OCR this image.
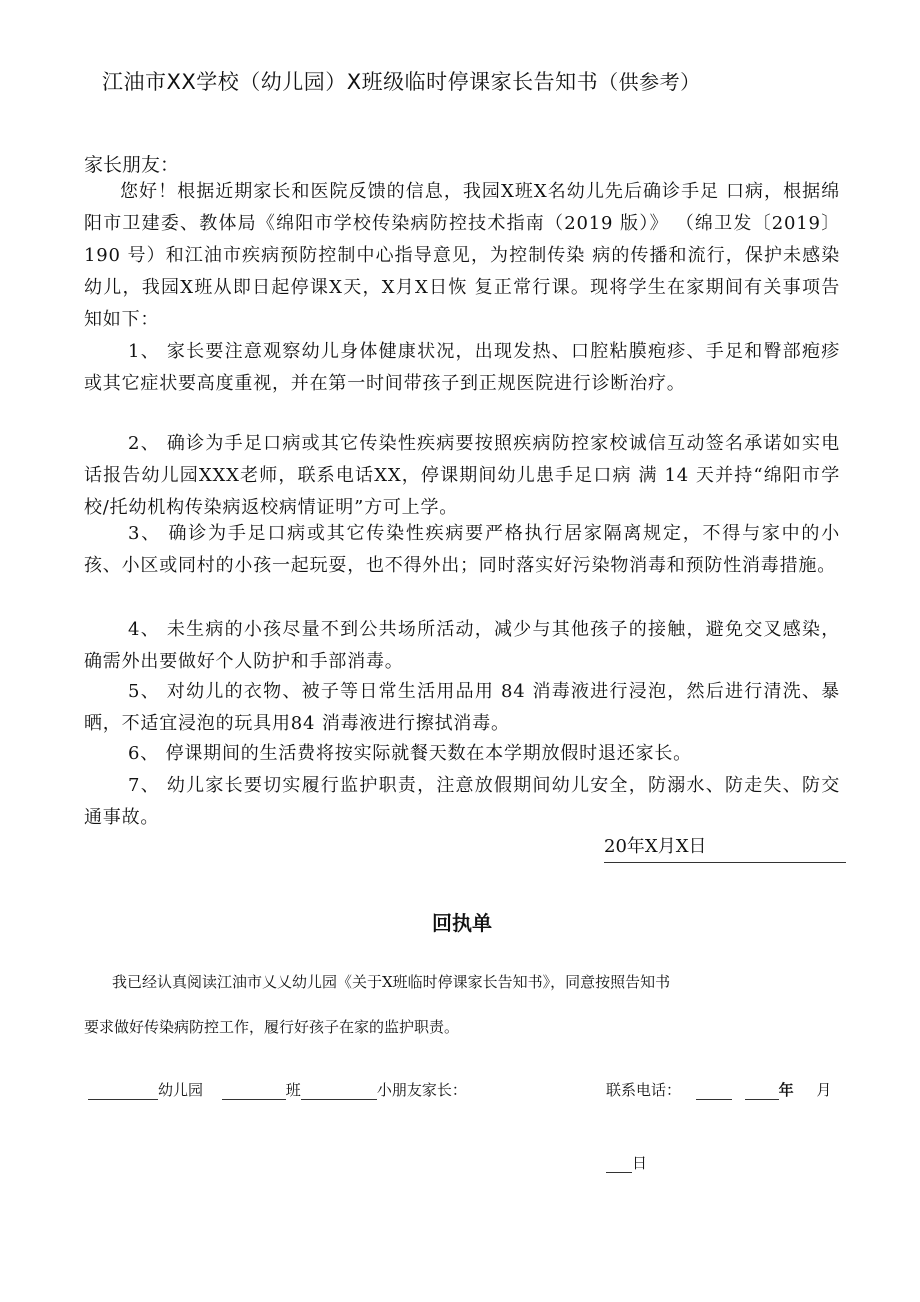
江油市XX学校（幼儿园）X班级临时停课家长告知书（供参考）

家长朋友：

您好！根据近期家长和医院反馈的信息，我园X班X名幼儿先后确诊手足 口病，根据绵阳市卫建委、教体局《绵阳市学校传染病防控技术指南（2019 版）》 （绵卫发〔2019〕190 号）和江油市疾病预防控制中心指导意见，为控制传染 病的传播和流行，保护未感染幼儿，我园X班从即日起停课X天，X月X日恢 复正常行课。现将学生在家期间有关事项告知如下：

1、 家长要注意观察幼儿身体健康状况，出现发热、口腔粘膜疱疹、手足和臀部疱疹或其它症状要高度重视，并在第一时间带孩子到正规医院进行诊断治疗。

2、 确诊为手足口病或其它传染性疾病要按照疾病防控家校诚信互动签名承诺如实电话报告幼儿园XXX老师，联系电话XX，停课期间幼儿患手足口病 满 14 天并持“绵阳市学校/托幼机构传染病返校病情证明”方可上学。

3、 确诊为手足口病或其它传染性疾病要严格执行居家隔离规定，不得与家中的小孩、小区或同村的小孩一起玩耍，也不得外出；同时落实好污染物消毒和预防性消毒措施。

4、 未生病的小孩尽量不到公共场所活动，减少与其他孩子的接触，避免交叉感染，确需外出要做好个人防护和手部消毒。

5、 对幼儿的衣物、被子等日常生活用品用 84 消毒液进行浸泡，然后进行清洗、暴晒，不适宜浸泡的玩具用84 消毒液进行擦拭消毒。

6、 停课期间的生活费将按实际就餐天数在本学期放假时退还家长。

7、 幼儿家长要切实履行监护职责，注意放假期间幼儿安全，防溺水、防走失、防交通事故。

20年X月X日
回执单

我已经认真阅读江油市乂乂幼儿园《关于X班临时停课家长告知书》，同意按照告知书

要求做好传染病防控工作，履行好孩子在家的监护职责。

幼儿园	班	小朋友家长：	联系电话：	年 月
日
